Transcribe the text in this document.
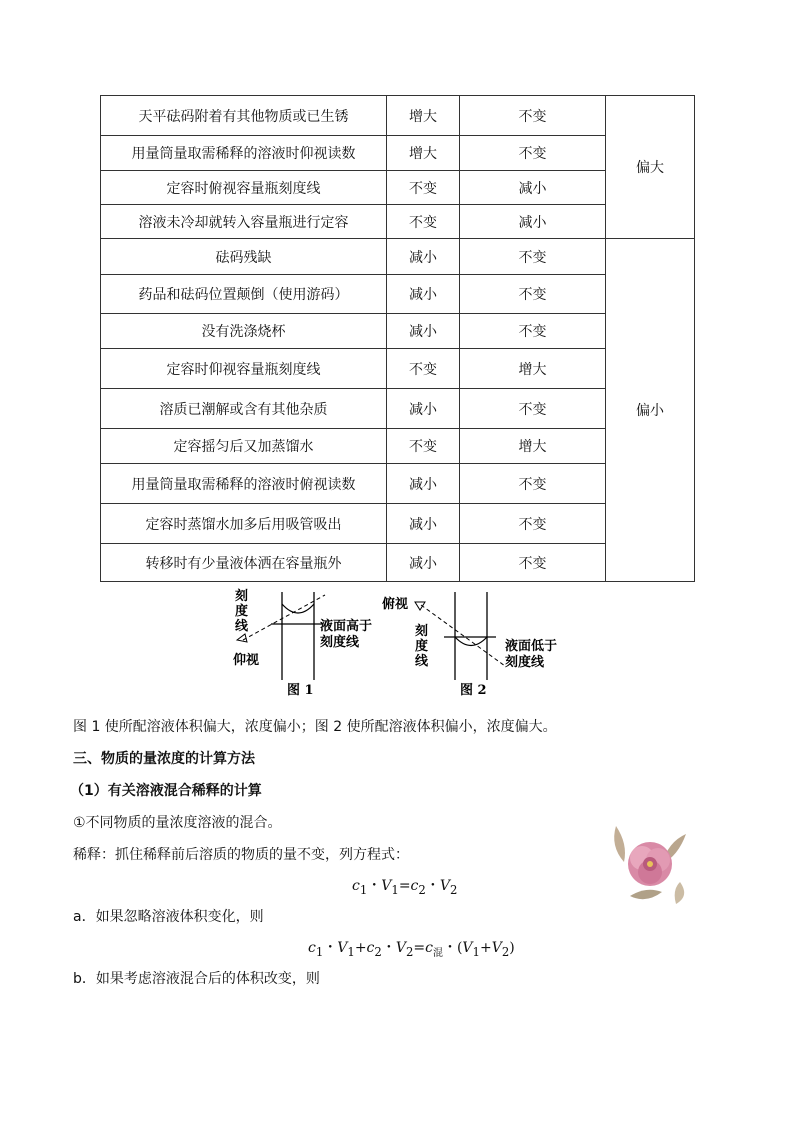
天平砝码附着有其他物质或已生锈	增大	不变	偏大
用量筒量取需稀释的溶液时仰视读数	增大	不变	
定容时俯视容量瓶刻度线	不变	减小	
溶液未冷却就转入容量瓶进行定容	不变	减小	
砝码残缺	减小	不变	偏小
药品和砝码位置颠倒（使用游码）	减小	不变	
没有洗涤烧杯	减小	不变	
定容时仰视容量瓶刻度线	不变	增大	
溶质已潮解或含有其他杂质	减小	不变	
定容摇匀后又加蒸馏水	不变	增大	
用量筒量取需稀释的溶液时俯视读数	减小	不变	
定容时蒸馏水加多后用吸管吸出	减小	不变	
转移时有少量液体洒在容量瓶外	减小	不变	
刻
度
线
仰视
液面高于
刻度线
图 1
俯视
刻
度
线
液面低于
刻度线
图 2
图 1 使所配溶液体积偏大，浓度偏小；图 2 使所配溶液体积偏小，浓度偏大。
三、物质的量浓度的计算方法
（1）有关溶液混合稀释的计算
①不同物质的量浓度溶液的混合。
稀释：抓住稀释前后溶质的物质的量不变，列方程式：
$c_1$・$V_1=c_2$・$V_2$
a．如果忽略溶液体积变化，则
$c_1$・$V_1+c_2$・$V_2=c_混$・$(V_1+V_2)$
b．如果考虑溶液混合后的体积改变，则
